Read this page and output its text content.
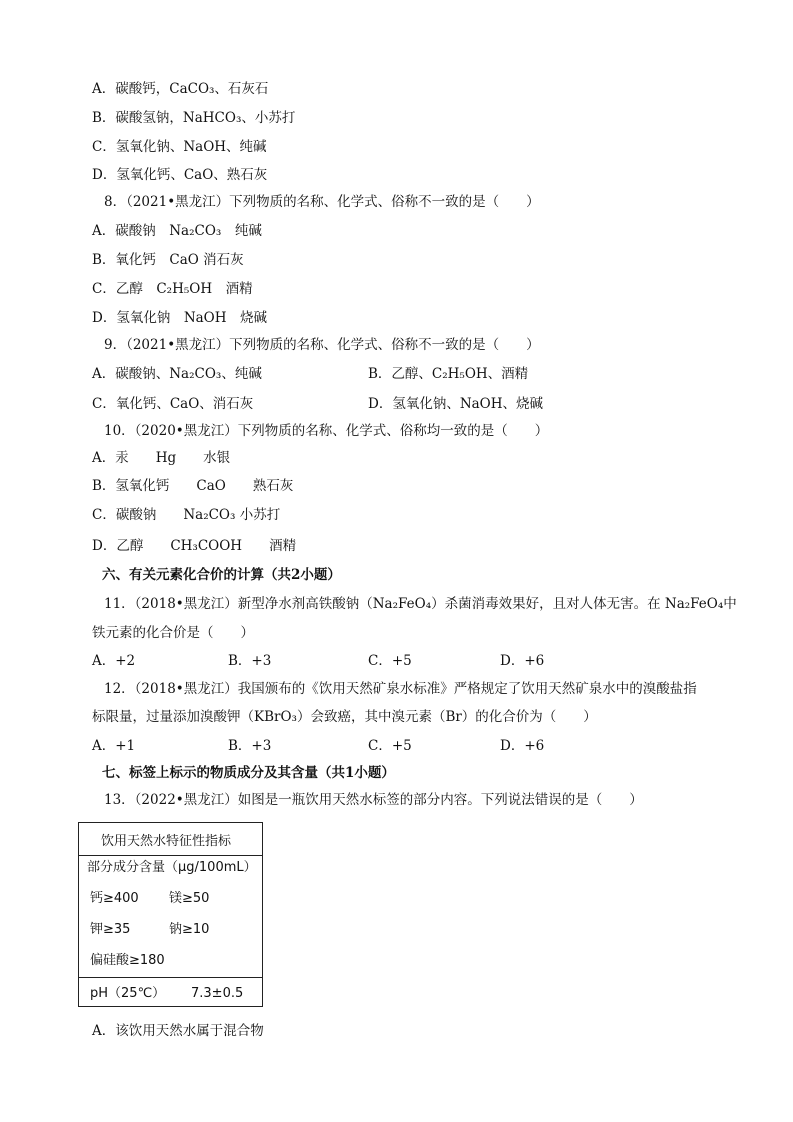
A．碳酸钙，CaCO₃、石灰石
B．碳酸氢钠，NaHCO₃、小苏打
C．氢氧化钠、NaOH、纯碱
D．氢氧化钙、CaO、熟石灰
8．（2021•黑龙江）下列物质的名称、化学式、俗称不一致的是（　　）
A．碳酸钠　Na₂CO₃　纯碱
B．氧化钙　CaO 消石灰
C．乙醇　C₂H₅OH　酒精
D．氢氧化钠　NaOH　烧碱
9．（2021•黑龙江）下列物质的名称、化学式、俗称不一致的是（　　）
A．碳酸钠、Na₂CO₃、纯碱	B．乙醇、C₂H₅OH、酒精
C．氧化钙、CaO、消石灰	D．氢氧化钠、NaOH、烧碱
10．（2020•黑龙江）下列物质的名称、化学式、俗称均一致的是（　　）
A．汞　　Hg　　水银
B．氢氧化钙　　CaO　　熟石灰
C．碳酸钠　　Na₂CO₃ 小苏打
D．乙醇　　CH₃COOH　　酒精
六、有关元素化合价的计算（共2小题）
11．（2018•黑龙江）新型净水剂高铁酸钠（Na₂FeO₄）杀菌消毒效果好，且对人体无害。在 Na₂FeO₄中
铁元素的化合价是（　　）
A．+2	B．+3	C．+5	D．+6
12．（2018•黑龙江）我国颁布的《饮用天然矿泉水标准》严格规定了饮用天然矿泉水中的溴酸盐指
标限量，过量添加溴酸钾（KBrO₃）会致癌，其中溴元素（Br）的化合价为（　　）
A．+1	B．+3	C．+5	D．+6
七、标签上标示的物质成分及其含量（共1小题）
13．（2022•黑龙江）如图是一瓶饮用天然水标签的部分内容。下列说法错误的是（　　）
饮用天然水特征性指标
部分成分含量（μg/100mL）
钙≥400 镁≥50
钾≥35	钠≥10
偏硅酸≥180
pH（25℃） 7.3±0.5
A．该饮用天然水属于混合物
